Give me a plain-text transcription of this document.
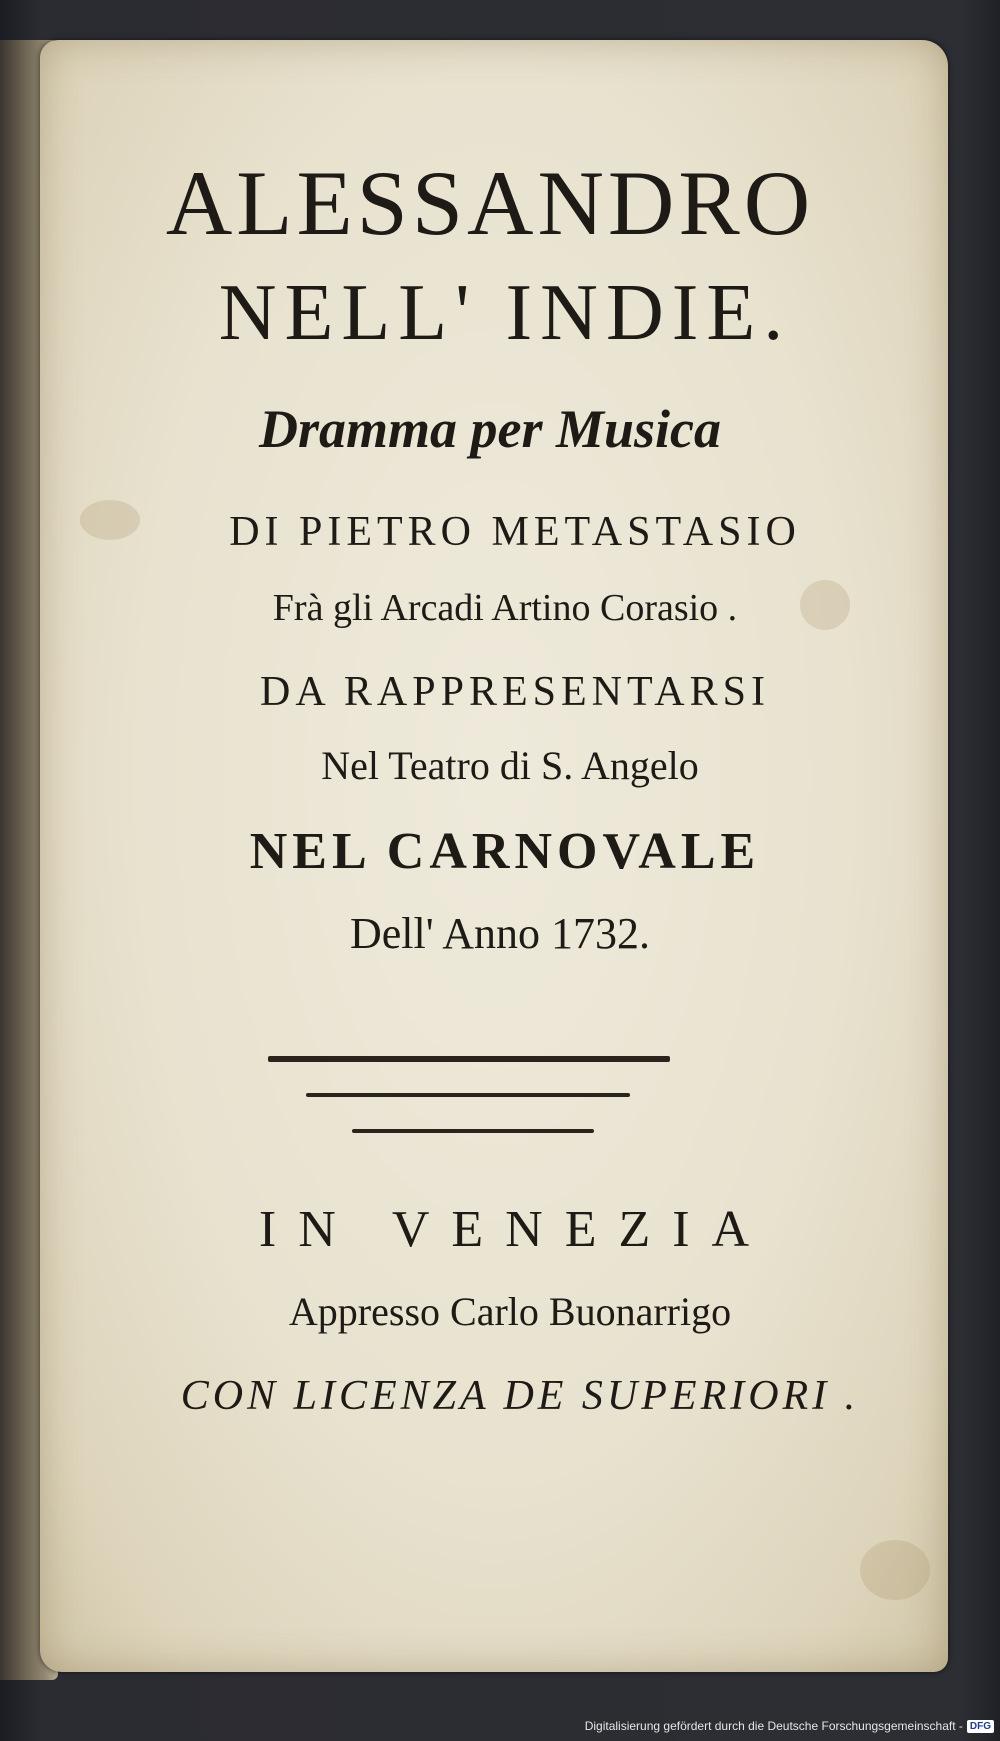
ALESSANDRO
NELL' INDIE.
Dramma per Musica
DI PIETRO METASTASIO
Frà gli Arcadi Artino Corasio .
DA RAPPRESENTARSI
Nel Teatro di S. Angelo
NEL CARNOVALE
Dell' Anno 1732.
IN VENEZIA
Appresso Carlo Buonarrigo
CON LICENZA DE SUPERIORI .
Digitalisierung gefördert durch die Deutsche Forschungsgemeinschaft - DFG
